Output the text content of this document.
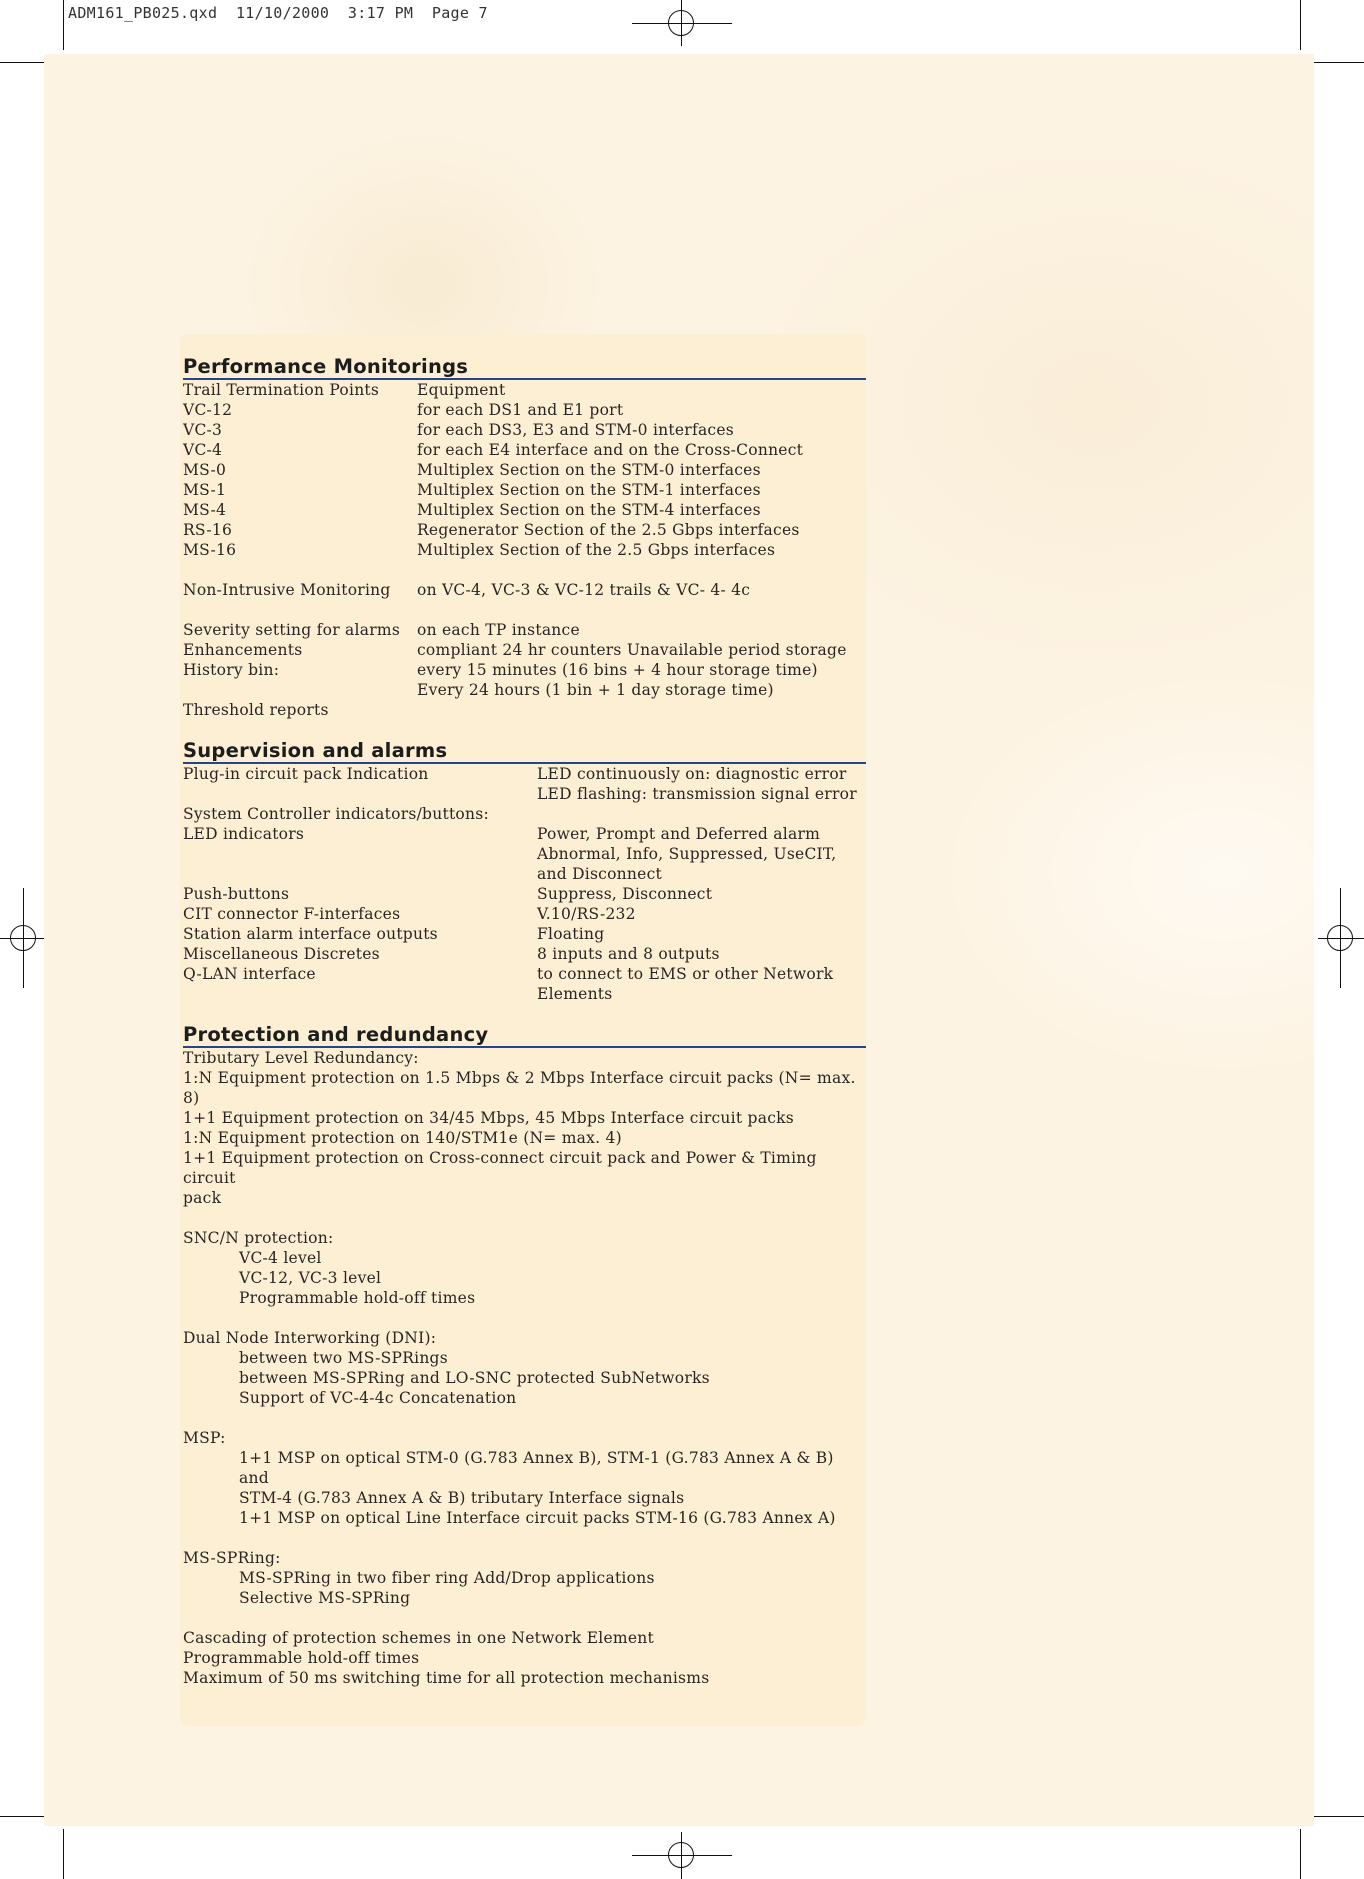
ADM161_PB025.qxd  11/10/2000  3:17 PM  Page 7
Performance Monitorings
Trail Termination Points	Equipment
VC-12	for each DS1 and E1 port
VC-3	for each DS3, E3 and STM-0 interfaces
VC-4	for each E4 interface and on the Cross-Connect
MS-0	Multiplex Section on the STM-0 interfaces
MS-1	Multiplex Section on the STM-1 interfaces
MS-4	Multiplex Section on the STM-4 interfaces
RS-16	Regenerator Section of the 2.5 Gbps interfaces
MS-16	Multiplex Section of the 2.5 Gbps interfaces
Non-Intrusive Monitoring	on VC-4, VC-3 & VC-12 trails & VC- 4- 4c
Severity setting for alarms	on each TP instance
Enhancements	compliant 24 hr counters Unavailable period storage
History bin:	every 15 minutes (16 bins + 4 hour storage time)
Every 24 hours (1 bin + 1 day storage time)
Threshold reports
Supervision and alarms
Plug-in circuit pack Indication	LED continuously on: diagnostic error
LED flashing: transmission signal error
System Controller indicators/buttons:
LED indicators	Power, Prompt and Deferred alarm
Abnormal, Info, Suppressed, UseCIT,
and Disconnect
Push-buttons	Suppress, Disconnect
CIT connector F-interfaces	V.10/RS-232
Station alarm interface outputs	Floating
Miscellaneous Discretes	8 inputs and 8 outputs
Q-LAN interface	to connect to EMS or other Network
Elements
Protection and redundancy
Tributary Level Redundancy:
1:N Equipment protection on 1.5 Mbps & 2 Mbps Interface circuit packs (N= max. 8)
1+1 Equipment protection on 34/45 Mbps, 45 Mbps Interface circuit packs
1:N Equipment protection on 140/STM1e (N= max. 4)
1+1 Equipment protection on Cross-connect circuit pack and Power & Timing circuit
pack
SNC/N protection:
VC-4 level
VC-12, VC-3 level
Programmable hold-off times
Dual Node Interworking (DNI):
between two MS-SPRings
between MS-SPRing and LO-SNC protected SubNetworks
Support of VC-4-4c Concatenation
MSP:
1+1 MSP on optical STM-0 (G.783 Annex B), STM-1 (G.783 Annex A & B) and
STM-4 (G.783 Annex A & B) tributary Interface signals
1+1 MSP on optical Line Interface circuit packs STM-16 (G.783 Annex A)
MS-SPRing:
MS-SPRing in two fiber ring Add/Drop applications
Selective MS-SPRing
Cascading of protection schemes in one Network Element
Programmable hold-off times
Maximum of 50 ms switching time for all protection mechanisms
